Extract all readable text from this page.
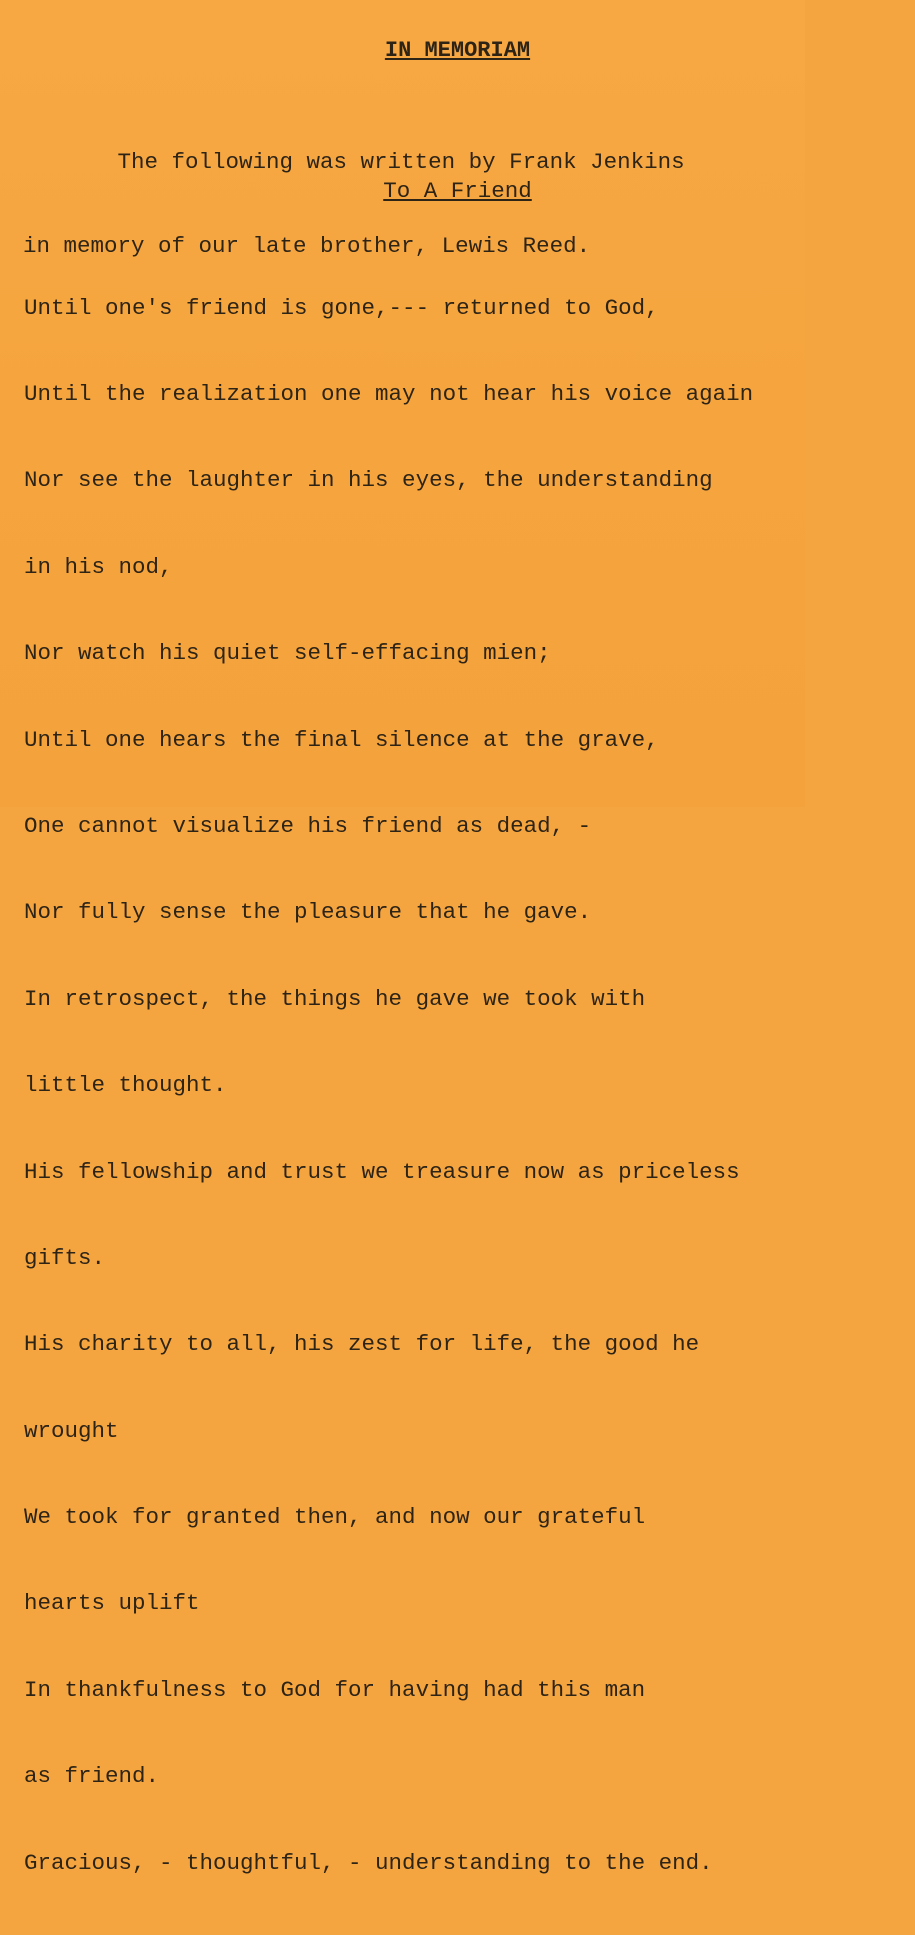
IN MEMORIAM

The following was written by Frank Jenkins

in memory of our late brother, Lewis Reed.

To A Friend

Until one's friend is gone,--- returned to God,

Until the realization one may not hear his voice again

Nor see the laughter in his eyes, the understanding

in his nod,

Nor watch his quiet self-effacing mien;

Until one hears the final silence at the grave,

One cannot visualize his friend as dead, -

Nor fully sense the pleasure that he gave.

In retrospect, the things he gave we took with

little thought.

His fellowship and trust we treasure now as priceless

gifts.

His charity to all, his zest for life, the good he

wrought

We took for granted then, and now our grateful

hearts uplift

In thankfulness to God for having had this man

as friend.

Gracious, - thoughtful, - understanding to the end.
